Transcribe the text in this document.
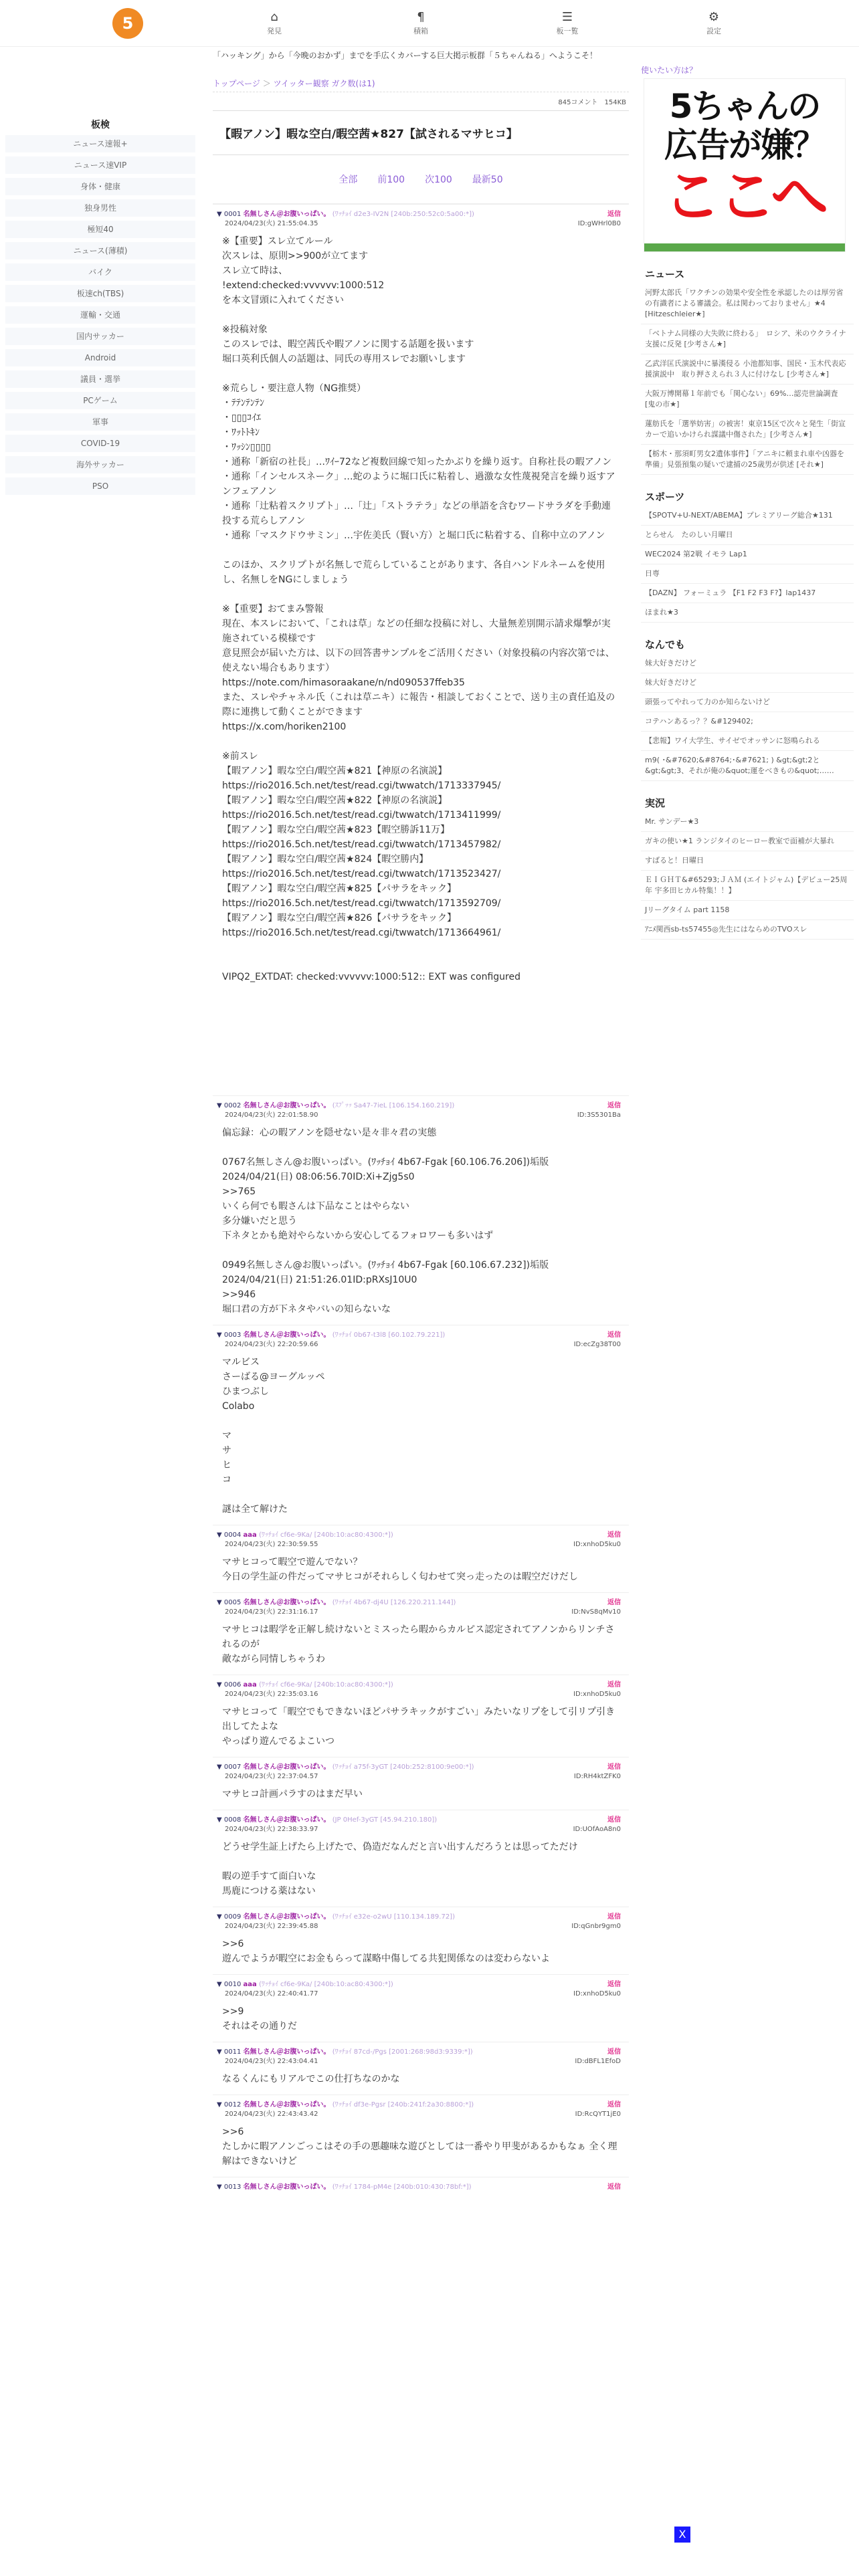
5	⌂
発見
¶
積箱
☰
板一覧
⚙
設定
「ハッキング」から「今晩のおかず」までを手広くカバーする巨大掲示板群「５ちゃんねる」へようこそ！
板検
ニュース速報+
ニュース速VIP
身体・健康
独身男性
極短40
ニュース(薄積)
バイク
板速ch(TBS)
運輸・交通
国内サッカー
Android
議員・選挙
PCゲーム
軍事
COVID-19
海外サッカー
PSO
トップページ ＞ ツイッター観察 ガク数(は1)
845コメント　154KB
【暇アノン】暇な空白/暇空茜★827【試されるマサヒコ】
全部 前100 次100 最新50
▼ 0001 名無しさん＠お腹いっぱい。 (ﾜｯﾁｮｲ d2e3-IV2N [240b:250:52c0:5a00:*])	返信
2024/04/23(火) 21:55:04.35	ID:gWHrl0B0
※【重要】スレ立てルール
次スレは、原則>>900が立てます
スレ立て時は、
!extend:checked:vvvvvv:1000:512
を本文冒頭に入れてください

※投稿対象
このスレでは、暇空茜氏や暇アノンに関する話題を扱います
堀口英利氏個人の話題は、同氏の専用スレでお願いします

※荒らし・要注意人物（NG推奨）
・ﾃﾃﾝﾃﾝﾃﾝ
・▯▯▯ｺｲｴ
・ﾜｯﾄﾄｷﾝ
・ﾜｯｼﾝ▯▯▯▯
・通称「新宿の社長」…ﾜｲｰ72など複数回線で知ったかぶりを繰り返す。自称社長の暇アノン
・通称「インセルスネーク」…蛇のように堀口氏に粘着し、過激な女性蔑視発言を繰り返すアンフェアノン
・通称「辻粘着スクリプト」…「辻」「ストラテラ」などの単語を含むワードサラダを手動連投する荒らしアノン
・通称「マスクドウサミン」…宇佐美氏（賢い方）と堀口氏に粘着する、自称中立のアノン

このほか、スクリプトが名無しで荒らしていることがあります、各自ハンドルネームを使用し、名無しをNGにしましょう

※【重要】おてまみ警報
現在、本スレにおいて、「これは草」などの任細な投稿に対し、大量無差別開示請求爆撃が実施されている模様です
意見照会が届いた方は、以下の回答書サンプルをご活用ください（対象投稿の内容次第では、使えない場合もあります）
https://note.com/himasoraakane/n/nd090537ffeb35
また、スレやチャネル氏（これは草ニキ）に報告・相談しておくことで、送り主の責任追及の際に連携して動くことができます
https://x.com/horiken2100

※前スレ
【暇アノン】暇な空白/暇空茜★821【神原の名演説】
https://rio2016.5ch.net/test/read.cgi/twwatch/1713337945/
【暇アノン】暇な空白/暇空茜★822【神原の名演説】
https://rio2016.5ch.net/test/read.cgi/twwatch/1713411999/
【暇アノン】暇な空白/暇空茜★823【暇空勝訴11万】
https://rio2016.5ch.net/test/read.cgi/twwatch/1713457982/
【暇アノン】暇な空白/暇空茜★824【暇空勝内】
https://rio2016.5ch.net/test/read.cgi/twwatch/1713523427/
【暇アノン】暇な空白/暇空茜★825【パサラをキック】
https://rio2016.5ch.net/test/read.cgi/twwatch/1713592709/
【暇アノン】暇な空白/暇空茜★826【パサラをキック】
https://rio2016.5ch.net/test/read.cgi/twwatch/1713664961/

VIPQ2_EXTDAT: checked:vvvvvv:1000:512:: EXT was configured

▼ 0002 名無しさん＠お腹いっぱい。 (ｽﾌﾟｯｯ Sa47-7ieL [106.154.160.219])	返信
2024/04/23(火) 22:01:58.90	ID:3S5301Ba
偏忘録：心の暇アノンを隠せない是々非々君の実態

0767名無しさん@お腹いっぱい。(ﾜｯﾁｮｲ 4b67-Fgak [60.106.76.206])垢版
2024/04/21(日) 08:06:56.70ID:Xi+Zjg5s0
>>765
いくら何でも暇さんは下品なことはやらない
多分嫌いだと思う
下ネタとかも絶対やらないから安心してるフォロワーも多いはず

0949名無しさん@お腹いっぱい。(ﾜｯﾁｮｲ 4b67-Fgak [60.106.67.232])垢版
2024/04/21(日) 21:51:26.01ID:pRXsJ10U0
>>946
堀口君の方が下ネタやバいの知らないな
▼ 0003 名無しさん＠お腹いっぱい。 (ﾜｯﾁｮｲ 0b67-t3l8 [60.102.79.221])	返信
2024/04/23(火) 22:20:59.66	ID:ecZg38T00
マルビス
さーばる@ヨーグルッペ
ひまつぶし
Colabo

マ
サ
ヒ
コ

謎は全て解けた
▼ 0004 aaa (ﾜｯﾁｮｲ cf6e-9Ka/ [240b:10:ac80:4300:*])	返信
2024/04/23(火) 22:30:59.55	ID:xnhoD5ku0
マサヒコって暇空で遊んでない？
今日の学生証の件だってマサヒコがそれらしく匂わせて突っ走ったのは暇空だけだし
▼ 0005 名無しさん＠お腹いっぱい。 (ﾜｯﾁｮｲ 4b67-dj4U [126.220.211.144])	返信
2024/04/23(火) 22:31:16.17	ID:NvS8qMv10
マサヒコは暇学を正解し続けないとミスったら暇からカルピス認定されてアノンからリンチされるのが
敵ながら同情しちゃうわ
▼ 0006 aaa (ﾜｯﾁｮｲ cf6e-9Ka/ [240b:10:ac80:4300:*])	返信
2024/04/23(火) 22:35:03.16	ID:xnhoD5ku0
マサヒコって「暇空でもできないほどパサラキックがすごい」みたいなリプをして引リプ引き出してたよな
やっぱり遊んでるよこいつ
▼ 0007 名無しさん＠お腹いっぱい。 (ﾜｯﾁｮｲ a75f-3yGT [240b:252:8100:9e00:*])	返信
2024/04/23(火) 22:37:04.57	ID:RH4ktZFK0
マサヒコ計画パラすのはまだ早い
▼ 0008 名無しさん＠お腹いっぱい。 (JP 0Hef-3yGT [45.94.210.180])	返信
2024/04/23(火) 22:38:33.97	ID:UOfAoA8n0
どうせ学生証上げたら上げたで、偽造だなんだと言い出すんだろうとは思ってただけ

暇の逆手すて面白いな
馬鹿につける薬はない
▼ 0009 名無しさん＠お腹いっぱい。 (ﾜｯﾁｮｲ e32e-o2wU [110.134.189.72])	返信
2024/04/23(火) 22:39:45.88	ID:qGnbr9gm0
>>6
遊んでようが暇空にお金もらって謀略中傷してる共犯関係なのは変わらないよ
▼ 0010 aaa (ﾜｯﾁｮｲ cf6e-9Ka/ [240b:10:ac80:4300:*])	返信
2024/04/23(火) 22:40:41.77	ID:xnhoD5ku0
>>9
それはその通りだ
▼ 0011 名無しさん＠お腹いっぱい。 (ﾜｯﾁｮｲ 87cd-/Pgs [2001:268:98d3:9339:*])	返信
2024/04/23(火) 22:43:04.41	ID:dBFL1EfoD
なるくんにもリアルでこの仕打ちなのかな
▼ 0012 名無しさん＠お腹いっぱい。 (ﾜｯﾁｮｲ df3e-Pgsr [240b:241f:2a30:8800:*])	返信
2024/04/23(火) 22:43:43.42	ID:RcQYT1jE0
>>6
たしかに暇アノンごっこはその手の悪趣味な遊びとしては一番やり甲斐があるかもなぁ 全く理解はできないけど
▼ 0013 名無しさん＠お腹いっぱい。 (ﾜｯﾁｮｲ 1784-pM4e [240b:010:430:78bf:*])	返信
使いたい方は？
5ちゃんの
広告が嫌？
ここへ
ニュース
河野太郎氏「ワクチンの効果や安全性を承認したのは厚労省の有識者による審議会。私は関わっておりません」★4 [Hitzeschleier★]
「ベトナム同様の大失敗に終わる」　ロシア、米のウクライナ支援に反発 [少考さん★]
乙武洋匡氏演説中に暴漢侵る 小池都知事、国民・玉木代表応援演説中　取り押さえられ３人に付けなし [少考さん★]
大阪万博開幕１年前でも「関心ない」69%…認売世論調査 [鬼の市★]
蓮舫氏を「選挙妨害」の被害！東京15区で次々と発生「街宣カーで追いかけられ謀議中傷された」[少考さん★]
【栃木・那須町男女2遺体事件】「アニキに頼まれ車や凶器を準備」見張預集の疑いで逮捕の25歳男が供述 [それ★]
スポーツ
【SPOTV+U-NEXT/ABEMA】プレミアリーグ総合★131
とらせん　たのしい月曜日
WEC2024 第2戦 イモラ Lap1
日専
【DAZN】 フォーミュラ 【F1 F2 F3 F?】lap1437
ほまれ★3
なんでも
妹大好きだけど
妹大好きだけど
頭張ってやれって力のか知らないけど
コテハンあるっ？？&#129402;
【悲報】ワイ大学生、サイゼでオッサンに怒鳴られる
m9( ･&#7620;&#8764;･&#7621; ) &gt;&gt;2と&gt;&gt;3、それが俺の&quot;運をべきもの&quot;……
実況
Mr. サンデー★3
ガキの使い★1 ランジタイのヒーロー教室で面補が大暴れ
すばると！日曜日
ＥＩＧＨＴ&#65293;ＪＡＭ (エイトジャム)【デビュー25周年 宇多田ヒカル特集！！】
Jリーグタイム part 1158
ｱﾆﾒ関西sb-ts57455◎先生にはならめのTVOスレ
X
